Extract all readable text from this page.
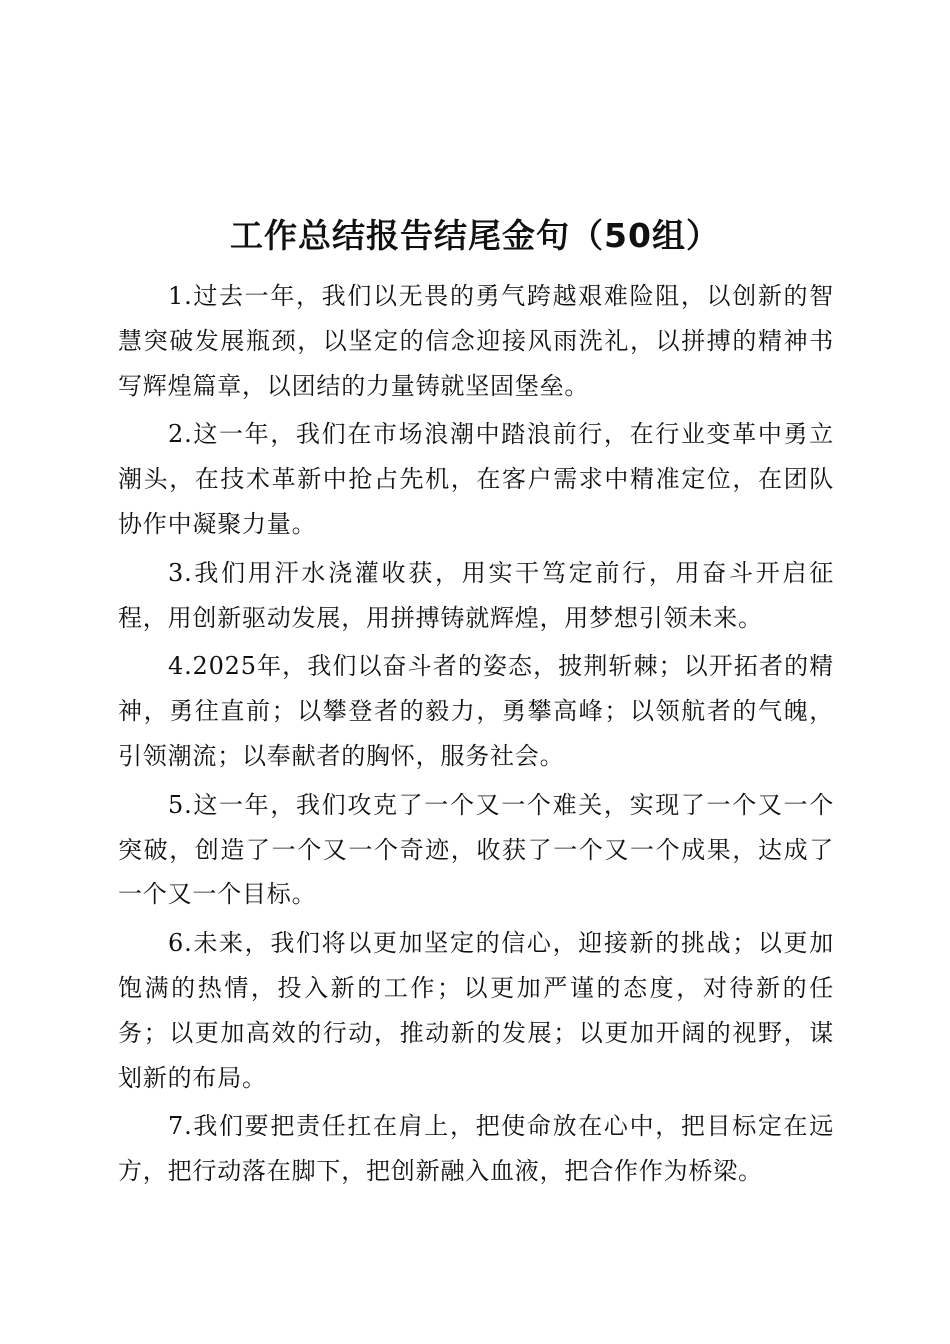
工作总结报告结尾金句（50组）

1.过去一年，我们以无畏的勇气跨越艰难险阻，以创新的智慧突破发展瓶颈，以坚定的信念迎接风雨洗礼，以拼搏的精神书写辉煌篇章，以团结的力量铸就坚固堡垒。

2.这一年，我们在市场浪潮中踏浪前行，在行业变革中勇立潮头，在技术革新中抢占先机，在客户需求中精准定位，在团队协作中凝聚力量。

3.我们用汗水浇灌收获，用实干笃定前行，用奋斗开启征程，用创新驱动发展，用拼搏铸就辉煌，用梦想引领未来。

4.2025年，我们以奋斗者的姿态，披荆斩棘；以开拓者的精神，勇往直前；以攀登者的毅力，勇攀高峰；以领航者的气魄，引领潮流；以奉献者的胸怀，服务社会。

5.这一年，我们攻克了一个又一个难关，实现了一个又一个突破，创造了一个又一个奇迹，收获了一个又一个成果，达成了一个又一个目标。

6.未来，我们将以更加坚定的信心，迎接新的挑战；以更加饱满的热情，投入新的工作；以更加严谨的态度，对待新的任务；以更加高效的行动，推动新的发展；以更加开阔的视野，谋划新的布局。

7.我们要把责任扛在肩上，把使命放在心中，把目标定在远方，把行动落在脚下，把创新融入血液，把合作作为桥梁。
